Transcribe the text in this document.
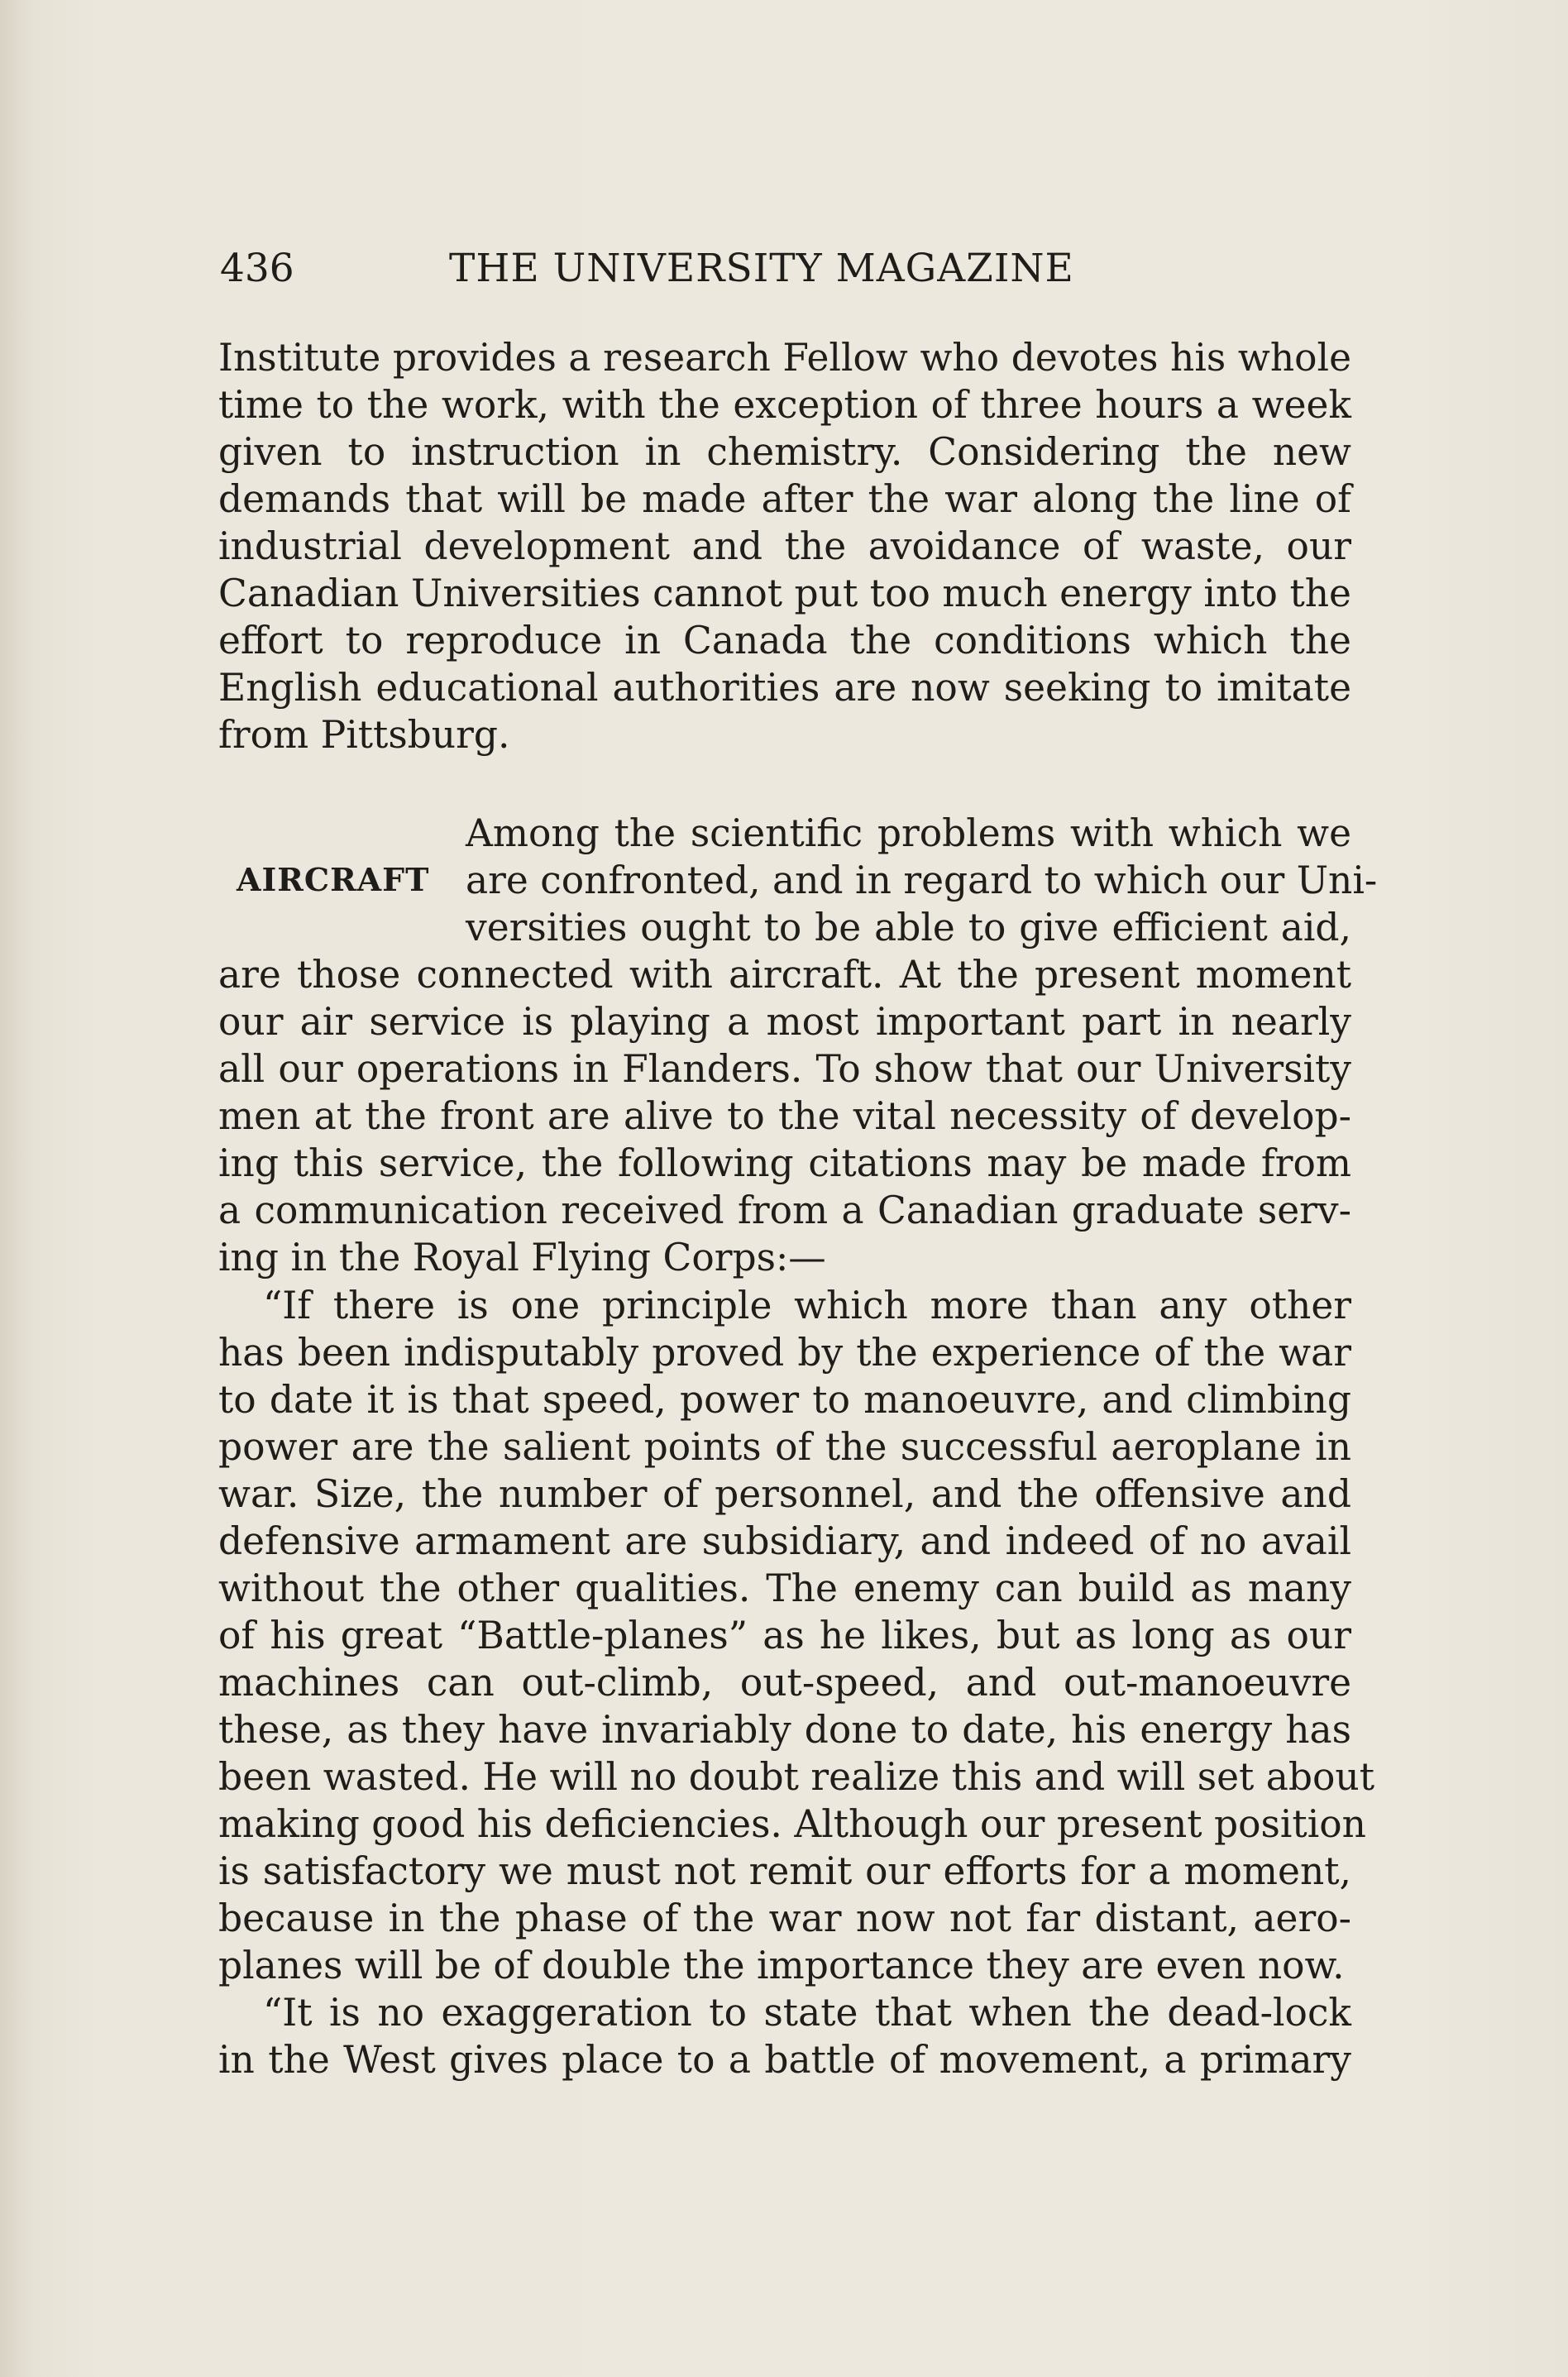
436	THE UNIVERSITY MAGAZINE
Institute provides a research Fellow who devotes his whole
time to the work, with the exception of three hours a week
given to instruction in chemistry. Considering the new
demands that will be made after the war along the line of
industrial development and the avoidance of waste, our
Canadian Universities cannot put too much energy into the
effort to reproduce in Canada the conditions which the
English educational authorities are now seeking to imitate
from Pittsburg.
AIRCRAFT
Among the scientific problems with which we
are confronted, and in regard to which our Uni-
versities ought to be able to give efficient aid,
are those connected with aircraft. At the present moment
our air service is playing a most important part in nearly
all our operations in Flanders. To show that our University
men at the front are alive to the vital necessity of develop-
ing this service, the following citations may be made from
a communication received from a Canadian graduate serv-
ing in the Royal Flying Corps:—
“If there is one principle which more than any other
has been indisputably proved by the experience of the war
to date it is that speed, power to manoeuvre, and climbing
power are the salient points of the successful aeroplane in
war. Size, the number of personnel, and the offensive and
defensive armament are subsidiary, and indeed of no avail
without the other qualities. The enemy can build as many
of his great “Battle-planes” as he likes, but as long as our
machines can out-climb, out-speed, and out-manoeuvre
these, as they have invariably done to date, his energy has
been wasted. He will no doubt realize this and will set about
making good his deficiencies. Although our present position
is satisfactory we must not remit our efforts for a moment,
because in the phase of the war now not far distant, aero-
planes will be of double the importance they are even now.
“It is no exaggeration to state that when the dead-lock
in the West gives place to a battle of movement, a primary
